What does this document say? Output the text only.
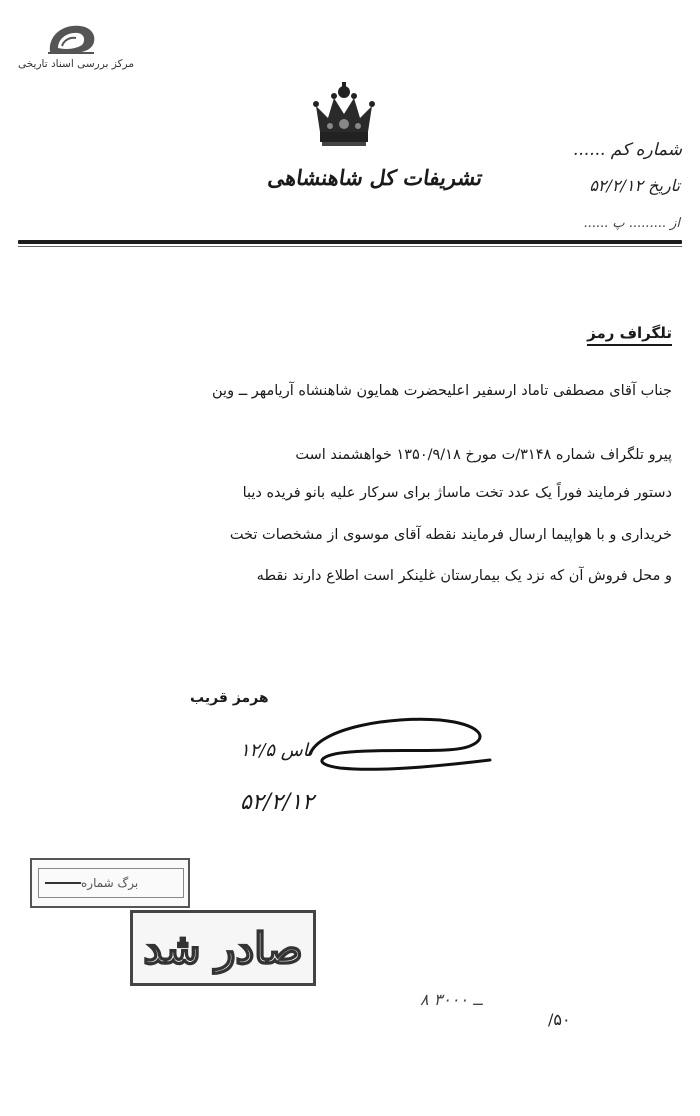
مرکز بررسی اسناد تاریخی
تشریفات کل شاهنشاهی
شماره کم ......
تاریخ ۵۲/۲/۱۲
از ......... پ ......
تلگراف رمز
جناب آقای مصطفی تاماد ارسفیر اعلیحضرت همایون شاهنشاه آریامهر ــ وین
پیرو تلگراف شماره ۳۱۴۸/ت مورخ ۱۳۵۰/۹/۱۸ خواهشمند است
دستور فرمایند فوراً یک عدد تخت ماساژ برای سرکار علیه بانو فریده دیبا
خریداری و با هواپیما ارسال فرمایند نقطه آقای موسوی از مشخصات تخت
و محل فروش آن که نزد یک بیمارستان غلینکر است اطلاع دارند نقطه
هرمز قریب
ناس ۱۲/۵
۵۲/۲/۱۲
برگ شماره
صادر شد
۸ ــ ۳۰۰۰
/۵۰
